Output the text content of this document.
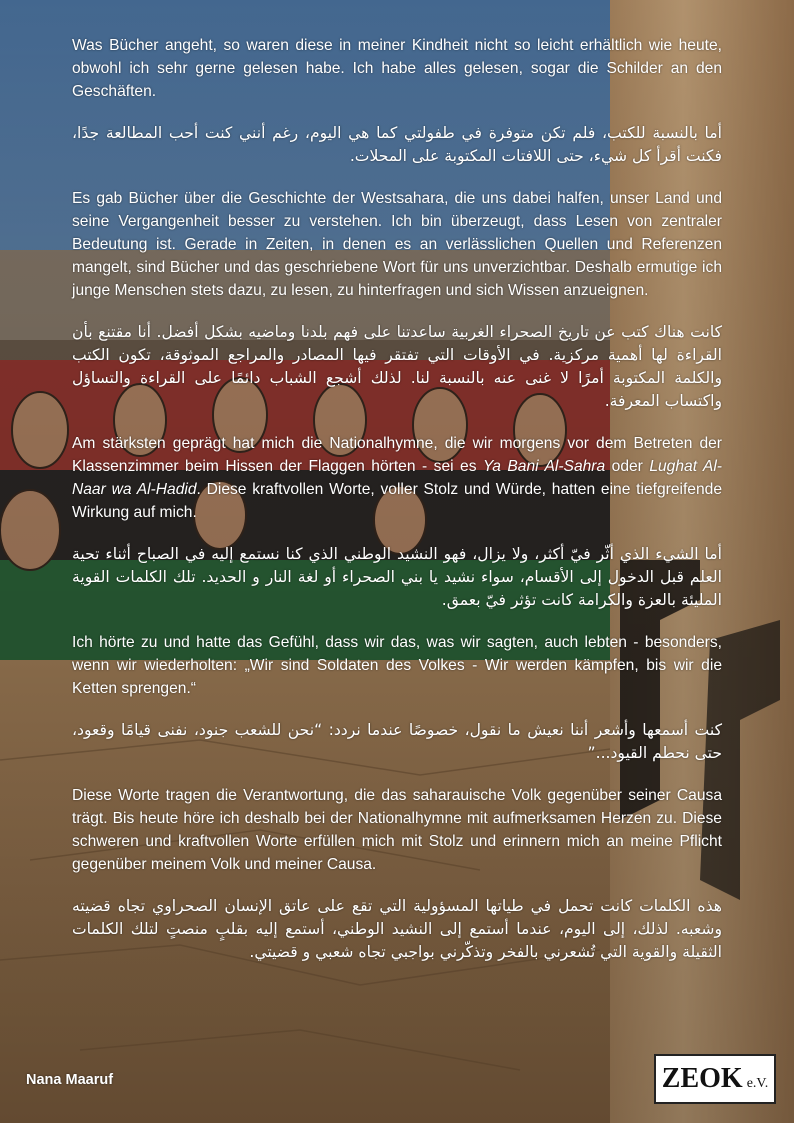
Was Bücher angeht, so waren diese in meiner Kindheit nicht so leicht erhältlich wie heute, obwohl ich sehr gerne gelesen habe. Ich habe alles gelesen, sogar die Schilder an den Geschäften.

أما بالنسبة للكتب، فلم تكن متوفرة في طفولتي كما هي اليوم، رغم أنني كنت أحب المطالعة جدًا، فكنت أقرأ كل شيء، حتى اللافتات المكتوبة على المحلات.

Es gab Bücher über die Geschichte der Westsahara, die uns dabei halfen, unser Land und seine Vergangenheit besser zu verstehen. Ich bin überzeugt, dass Lesen von zentraler Bedeutung ist. Gerade in Zeiten, in denen es an verlässlichen Quellen und Referenzen mangelt, sind Bücher und das geschriebene Wort für uns unverzichtbar. Deshalb ermutige ich junge Menschen stets dazu, zu lesen, zu hinterfragen und sich Wissen anzueignen.

كانت هناك كتب عن تاريخ الصحراء الغربية ساعدتنا على فهم بلدنا وماضيه بشكل أفضل. أنا مقتنع بأن القراءة لها أهمية مركزية. في الأوقات التي تفتقر فيها المصادر والمراجع الموثوقة، تكون الكتب والكلمة المكتوبة أمرًا لا غنى عنه بالنسبة لنا. لذلك أشجع الشباب دائمًا على القراءة والتساؤل واكتساب المعرفة.

Am stärksten geprägt hat mich die Nationalhymne, die wir morgens vor dem Betreten der Klassenzimmer beim Hissen der Flaggen hörten - sei es Ya Bani Al-Sahra oder Lughat Al-Naar wa Al-Hadid. Diese kraftvollen Worte, voller Stolz und Würde, hatten eine tiefgreifende Wirkung auf mich.

أما الشيء الذي أثّر فيّ أكثر، ولا يزال، فهو النشيد الوطني الذي كنا نستمع إليه في الصباح أثناء تحية العلم قبل الدخول إلى الأقسام، سواء نشيد يا بني الصحراء أو لغة النار و الحديد. تلك الكلمات القوية المليئة بالعزة والكرامة كانت تؤثر فيّ بعمق.

Ich hörte zu und hatte das Gefühl, dass wir das, was wir sagten, auch lebten - besonders, wenn wir wiederholten: „Wir sind Soldaten des Volkes - Wir werden kämpfen, bis wir die Ketten sprengen.“

كنت أسمعها وأشعر أننا نعيش ما نقول، خصوصًا عندما نردد: “نحن للشعب جنود، نفنى قيامًا وقعود، حتى نحطم القيود...”

Diese Worte tragen die Verantwortung, die das saharauische Volk gegenüber seiner Causa trägt. Bis heute höre ich deshalb bei der Nationalhymne mit aufmerksamen Herzen zu. Diese schweren und kraftvollen Worte erfüllen mich mit Stolz und erinnern mich an meine Pflicht gegenüber meinem Volk und meiner Causa.

هذه الكلمات كانت تحمل في طياتها المسؤولية التي تقع على عاتق الإنسان الصحراوي تجاه قضيته وشعبه. لذلك، إلى اليوم، عندما أستمع إلى النشيد الوطني، أستمع إليه بقلبٍ منصتٍ لتلك الكلمات الثقيلة والقوية التي تُشعرني بالفخر وتذكّرني بواجبي تجاه شعبي و قضيتي.

Nana Maaruf	ZEOK e.V.
